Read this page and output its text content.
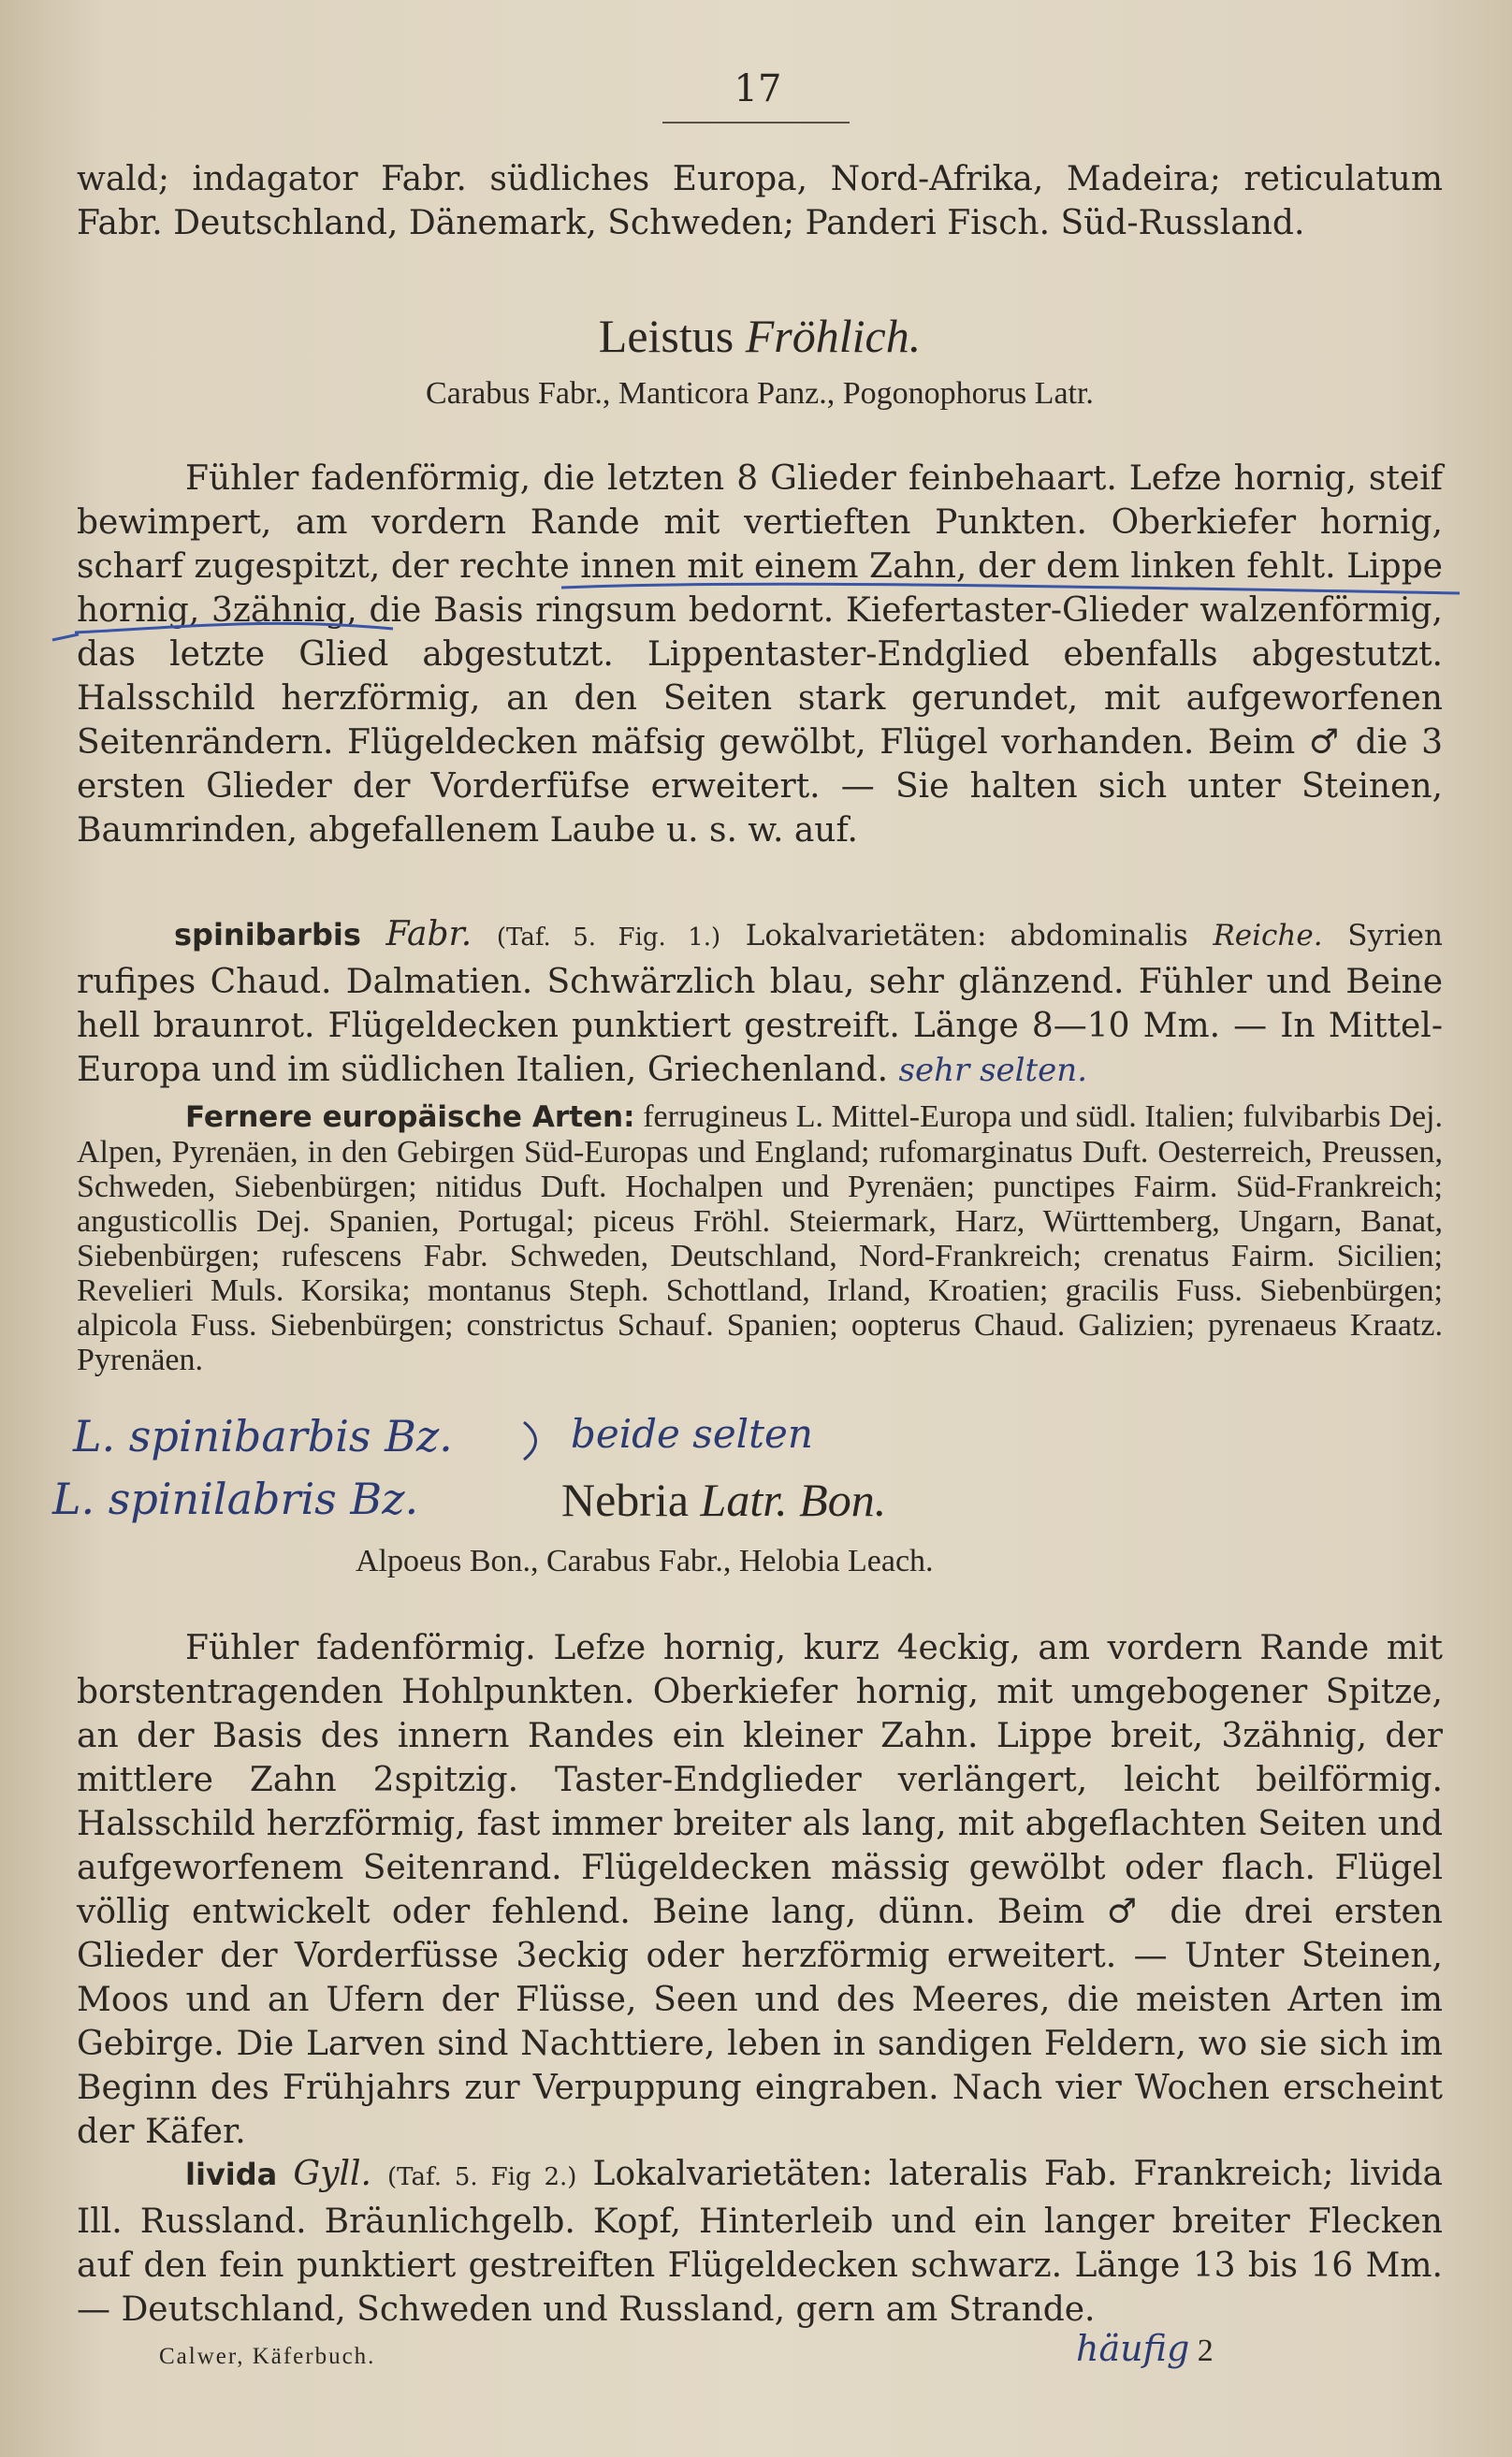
17
wald; indagator Fabr. südliches Europa, Nord-Afrika, Madeira; reticulatum Fabr. Deutschland, Dänemark, Schweden; Panderi Fisch. Süd-Russland.
Leistus Fröhlich.
Carabus Fabr., Manticora Panz., Pogonophorus Latr.
Fühler fadenförmig, die letzten 8 Glieder feinbehaart. Lefze hornig, steif bewimpert, am vordern Rande mit vertieften Punkten. Oberkiefer hornig, scharf zugespitzt, der rechte innen mit einem Zahn, der dem linken fehlt. Lippe hornig, 3zähnig, die Basis ringsum bedornt. Kiefertaster-Glieder walzenförmig, das letzte Glied abgestutzt. Lippentaster-Endglied ebenfalls abgestutzt. Halsschild herzförmig, an den Seiten stark gerundet, mit aufgeworfenen Seitenrändern. Flügeldecken mäfsig gewölbt, Flügel vorhanden. Beim ♂ die 3 ersten Glieder der Vorderfüfse erweitert. — Sie halten sich unter Steinen, Baumrinden, abgefallenem Laube u. s. w. auf.
spinibarbis Fabr. (Taf. 5. Fig. 1.) Lokalvarietäten: abdominalis Reiche. Syrien rufipes Chaud. Dalmatien. Schwärzlich blau, sehr glänzend. Fühler und Beine hell braunrot. Flügeldecken punktiert gestreift. Länge 8—10 Mm. — In Mittel-Europa und im südlichen Italien, Griechenland. sehr selten.
Fernere europäische Arten: ferrugineus L. Mittel-Europa und südl. Italien; fulvibarbis Dej. Alpen, Pyrenäen, in den Gebirgen Süd-Europas und England; rufomarginatus Duft. Oesterreich, Preussen, Schweden, Siebenbürgen; nitidus Duft. Hochalpen und Pyrenäen; punctipes Fairm. Süd-Frankreich; angusticollis Dej. Spanien, Portugal; piceus Fröhl. Steiermark, Harz, Württemberg, Ungarn, Banat, Siebenbürgen; rufescens Fabr. Schweden, Deutschland, Nord-Frankreich; crenatus Fairm. Sicilien; Revelieri Muls. Korsika; montanus Steph. Schottland, Irland, Kroatien; gracilis Fuss. Siebenbürgen; alpicola Fuss. Siebenbürgen; constrictus Schauf. Spanien; oopterus Chaud. Galizien; pyrenaeus Kraatz. Pyrenäen.
L. spinibarbis Bz.	beide selten
L. spinilabris Bz.	Nebria Latr. Bon.
Alpoeus Bon., Carabus Fabr., Helobia Leach.
Fühler fadenförmig. Lefze hornig, kurz 4eckig, am vordern Rande mit borstentragenden Hohlpunkten. Oberkiefer hornig, mit umgebogener Spitze, an der Basis des innern Randes ein kleiner Zahn. Lippe breit, 3zähnig, der mittlere Zahn 2spitzig. Taster-Endglieder verlängert, leicht beilförmig. Halsschild herzförmig, fast immer breiter als lang, mit abgeflachten Seiten und aufgeworfenem Seitenrand. Flügeldecken mässig gewölbt oder flach. Flügel völlig entwickelt oder fehlend. Beine lang, dünn. Beim ♂ die drei ersten Glieder der Vorderfüsse 3eckig oder herzförmig erweitert. — Unter Steinen, Moos und an Ufern der Flüsse, Seen und des Meeres, die meisten Arten im Gebirge. Die Larven sind Nachttiere, leben in sandigen Feldern, wo sie sich im Beginn des Frühjahrs zur Verpuppung eingraben. Nach vier Wochen erscheint der Käfer.
livida Gyll. (Taf. 5. Fig 2.) Lokalvarietäten: lateralis Fab. Frankreich; livida Ill. Russland. Bräunlichgelb. Kopf, Hinterleib und ein langer breiter Flecken auf den fein punktiert gestreiften Flügeldecken schwarz. Länge 13 bis 16 Mm. — Deutschland, Schweden und Russland, gern am Strande.
Calwer, Käferbuch.	häufig 2
